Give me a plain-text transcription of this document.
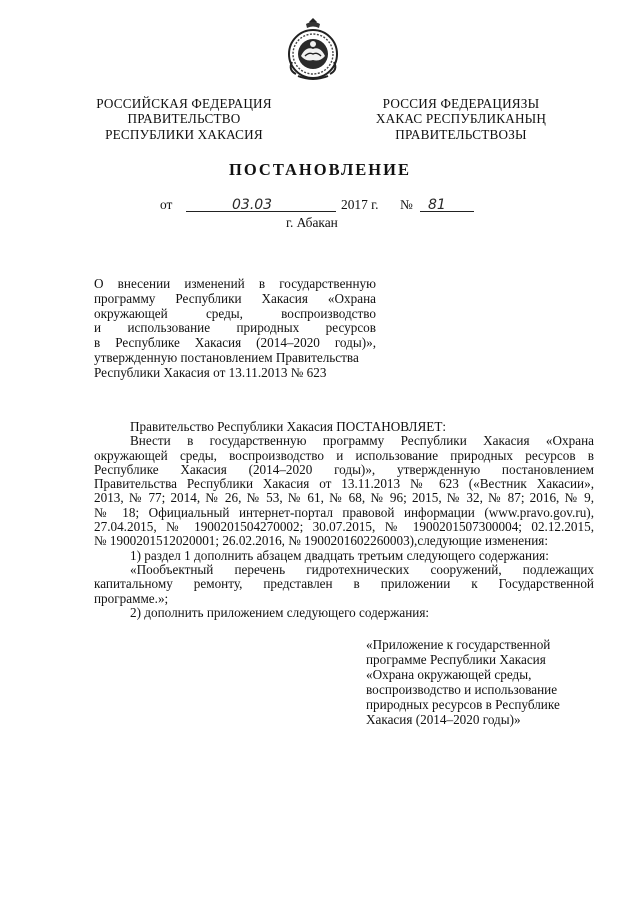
РОССИЙСКАЯ ФЕДЕРАЦИЯ
ПРАВИТЕЛЬСТВО
РЕСПУБЛИКИ ХАКАСИЯ
РОССИЯ ФЕДЕРАЦИЯЗЫ
ХАКАС РЕСПУБЛИКАНЫҢ
ПРАВИТЕЛЬСТВОЗЫ
ПОСТАНОВЛЕНИЕ
от	03.03	2017 г. № 81
г. Абакан
О внесении изменений в государственную
программу Республики Хакасия «Охрана
окружающей среды, воспроизводство
и использование природных ресурсов
в Республике Хакасия (2014–2020 годы)»,
утвержденную постановлением Правительства
Республики Хакасия от 13.11.2013 № 623
Правительство Республики Хакасия ПОСТАНОВЛЯЕТ:
Внести в государственную программу Республики Хакасия «Охрана
окружающей среды, воспроизводство и использование природных ресурсов в
Республике Хакасия (2014–2020 годы)», утвержденную постановлением
Правительства Республики Хакасия от 13.11.2013 № 623 («Вестник Хакасии»,
2013, № 77; 2014, № 26, № 53, № 61, № 68, № 96; 2015, № 32, № 87; 2016, № 9,
№ 18; Официальный интернет-портал правовой информации (www.pravo.gov.ru),
27.04.2015, № 1900201504270002; 30.07.2015, № 1900201507300004; 02.12.2015,
№ 1900201512020001; 26.02.2016, № 1900201602260003),следующие изменения:
1) раздел 1 дополнить абзацем двадцать третьим следующего содержания:
«Пообъектный перечень гидротехнических сооружений, подлежащих
капитальному ремонту, представлен в приложении к Государственной
программе.»;
2) дополнить приложением следующего содержания:
«Приложение к государственной
программе Республики Хакасия
«Охрана окружающей среды,
воспроизводство и использование
природных ресурсов в Республике
Хакасия (2014–2020 годы)»
